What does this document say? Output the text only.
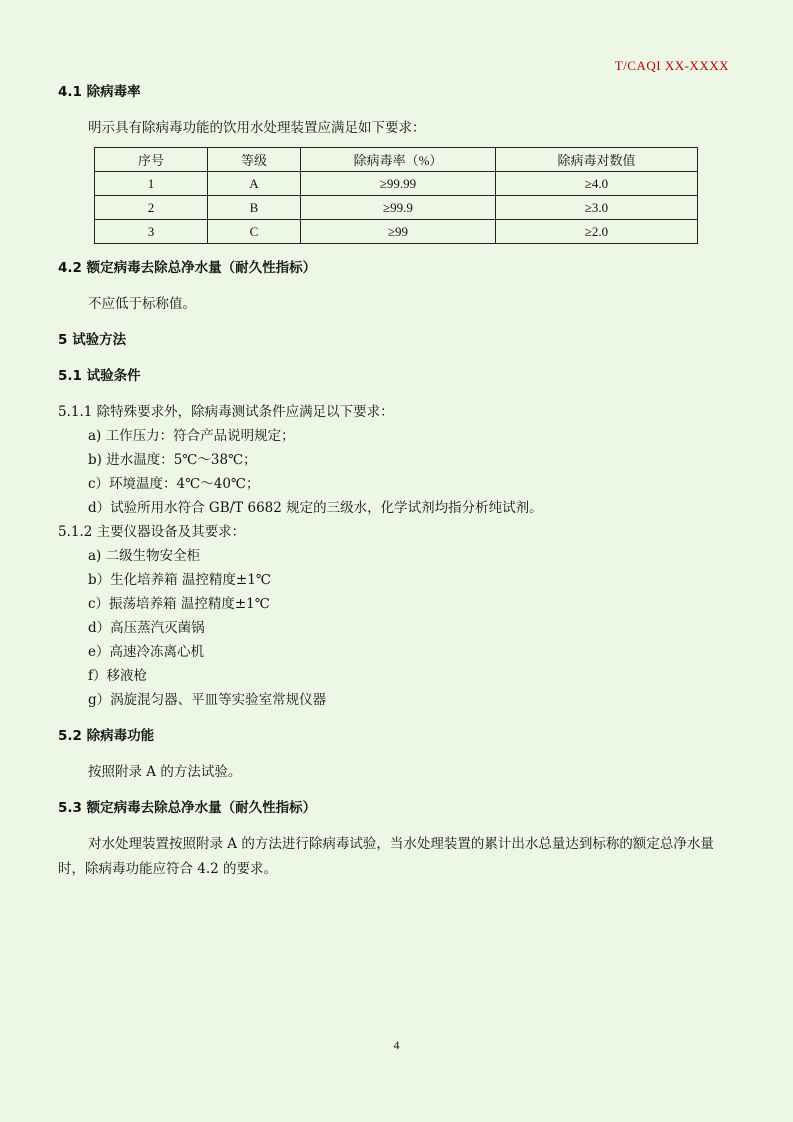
T/CAQI XX-XXXX

4.1 除病毒率

明示具有除病毒功能的饮用水处理装置应满足如下要求：

序号	等级	除病毒率（%）	除病毒对数值
1	A	≥99.99	≥4.0
2	B	≥99.9	≥3.0
3	C	≥99	≥2.0

4.2 额定病毒去除总净水量（耐久性指标）

不应低于标称值。

5 试验方法

5.1 试验条件

5.1.1 除特殊要求外，除病毒测试条件应满足以下要求：

a) 工作压力：符合产品说明规定；
b) 进水温度：5℃～38℃；
c）环境温度：4℃～40℃；
d）试验所用水符合 GB/T 6682 规定的三级水，化学试剂均指分析纯试剂。

5.1.2 主要仪器设备及其要求：

a) 二级生物安全柜
b）生化培养箱 温控精度±1℃
c）振荡培养箱 温控精度±1℃
d）高压蒸汽灭菌锅
e）高速冷冻离心机
f）移液枪
g）涡旋混匀器、平皿等实验室常规仪器

5.2 除病毒功能

按照附录 A 的方法试验。

5.3 额定病毒去除总净水量（耐久性指标）

对水处理装置按照附录 A 的方法进行除病毒试验，当水处理装置的累计出水总量达到标称的额定总净水量

时，除病毒功能应符合 4.2 的要求。

4
